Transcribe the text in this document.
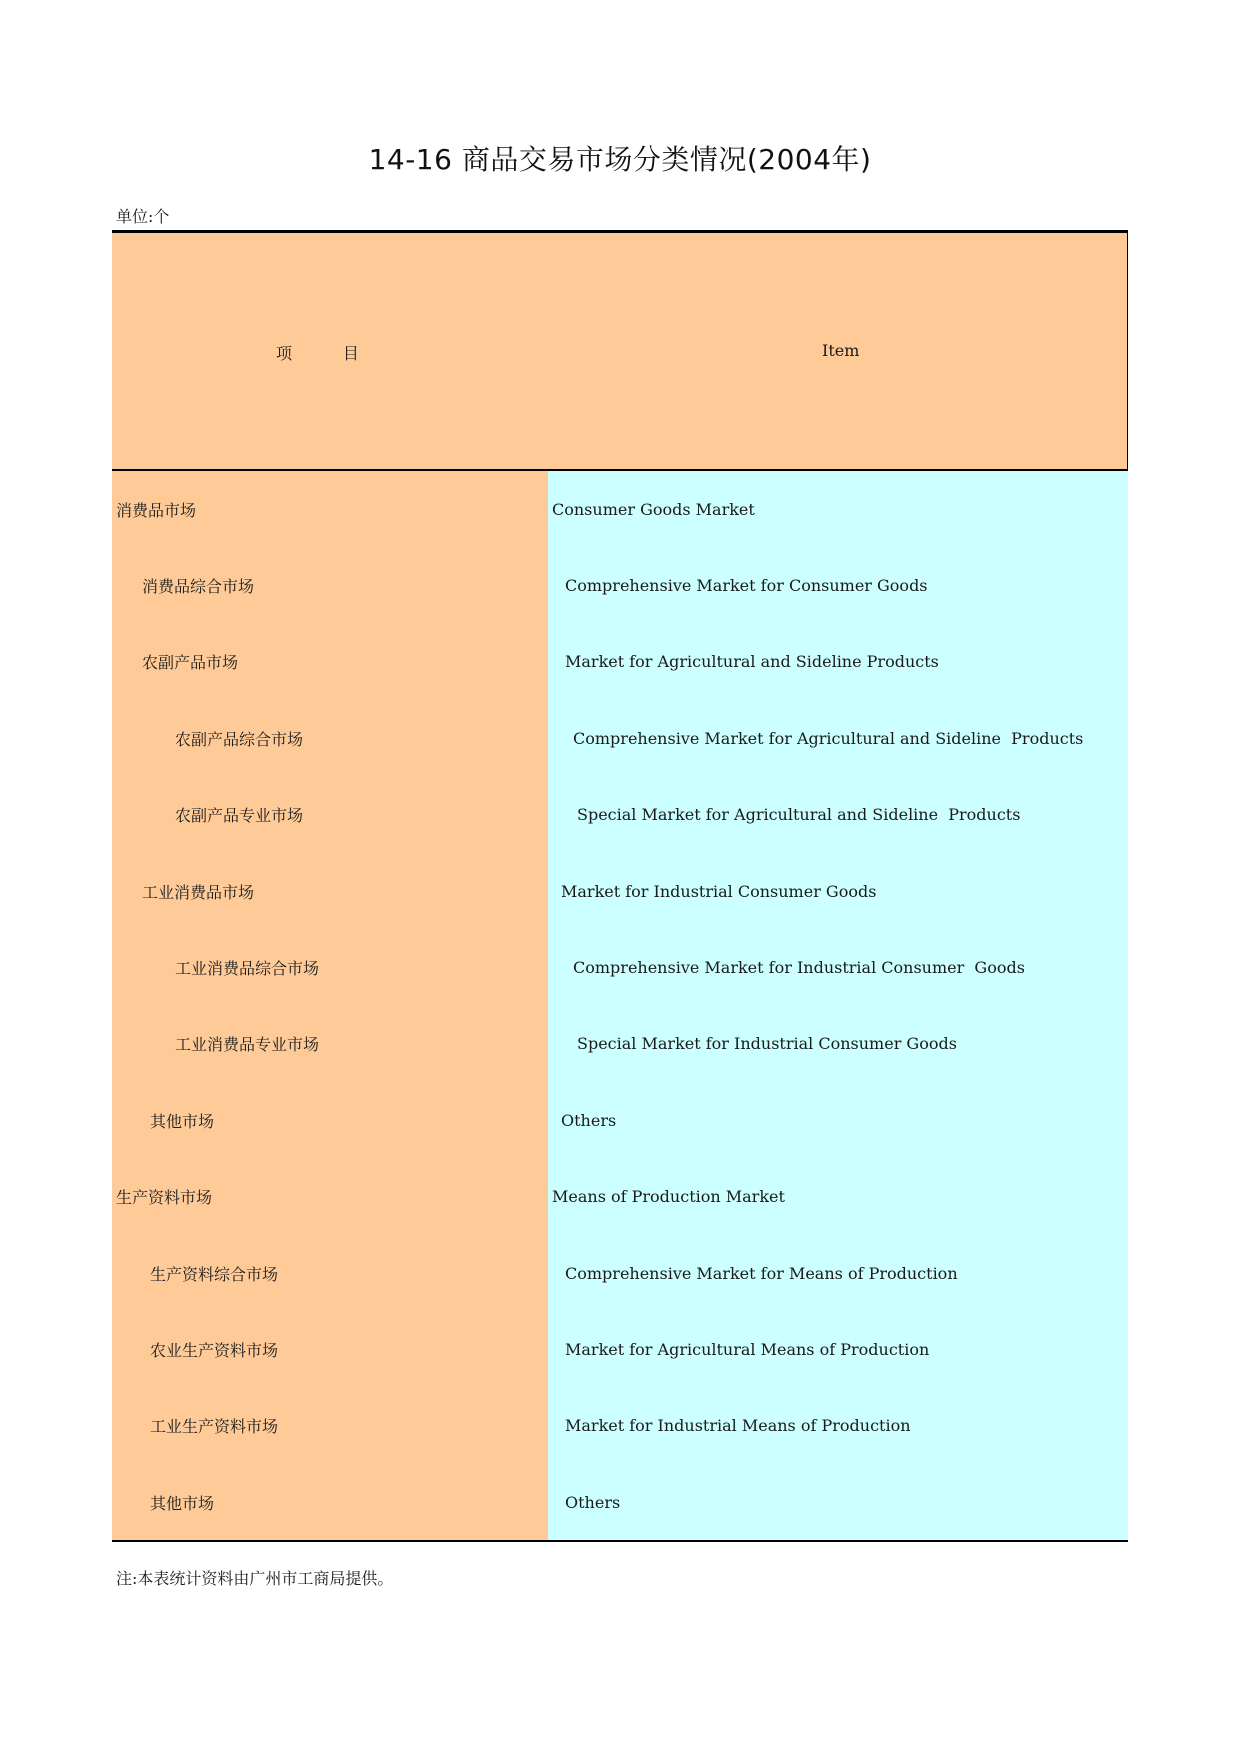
14-16 商品交易市场分类情况(2004年)
单位:个
项          目	Item
消费品市场	Consumer Goods Market
消费品综合市场	Comprehensive Market for Consumer Goods
农副产品市场	Market for Agricultural and Sideline Products
农副产品综合市场	Comprehensive Market for Agricultural and Sideline  Products
农副产品专业市场	Special Market for Agricultural and Sideline  Products
工业消费品市场	Market for Industrial Consumer Goods
工业消费品综合市场	Comprehensive Market for Industrial Consumer  Goods
工业消费品专业市场	Special Market for Industrial Consumer Goods
其他市场	Others
生产资料市场	Means of Production Market
生产资料综合市场	Comprehensive Market for Means of Production
农业生产资料市场	Market for Agricultural Means of Production
工业生产资料市场	Market for Industrial Means of Production
其他市场	Others
注:本表统计资料由广州市工商局提供。
